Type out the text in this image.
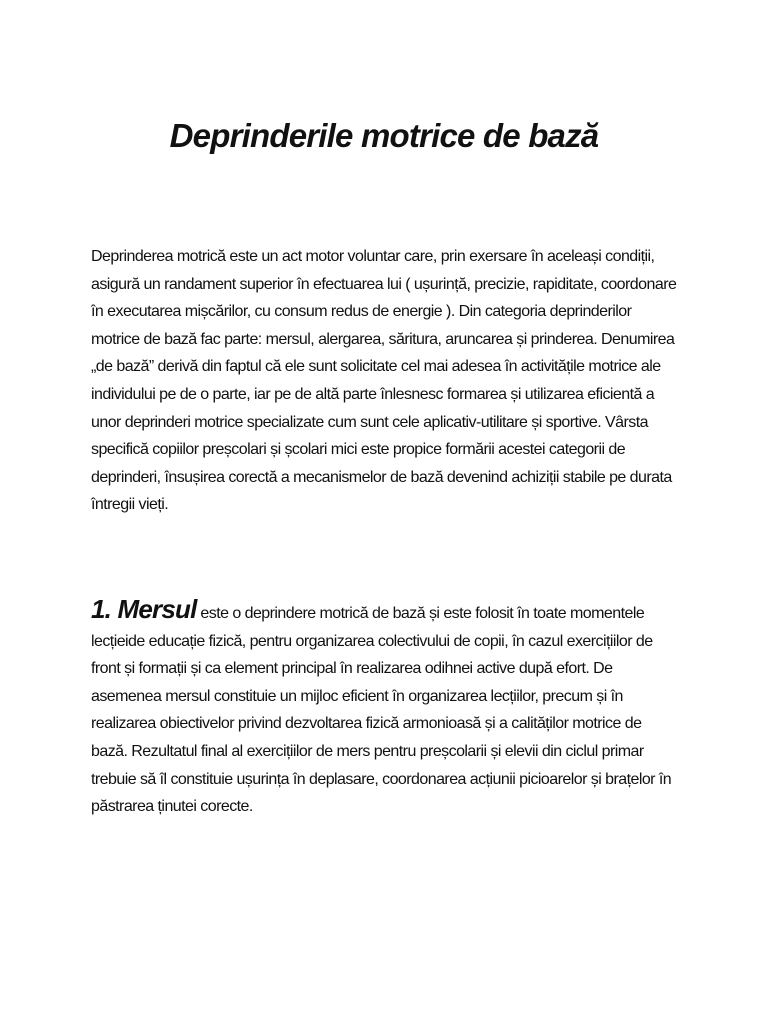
Deprinderile motrice de bază

Deprinderea motrică este un act motor voluntar care, prin exersare în aceleași condiții, asigură un randament superior în efectuarea lui ( ușurință, precizie, rapiditate, coordonare în executarea mișcărilor, cu consum redus de energie ). Din categoria deprinderilor motrice de bază fac parte: mersul, alergarea, săritura, aruncarea și prinderea. Denumirea „de bază” derivă din faptul că ele sunt solicitate cel mai adesea în activitățile motrice ale individului pe de o parte, iar pe de altă parte înlesnesc formarea și utilizarea eficientă a unor deprinderi motrice specializate cum sunt cele aplicativ-utilitare și sportive. Vârsta specifică copiilor preșcolari și școlari mici este propice formării acestei categorii de deprinderi, însușirea corectă a mecanismelor de bază devenind achiziții stabile pe durata întregii vieți.

1. Mersul este o deprindere motrică de bază și este folosit în toate momentele lecțieide educație fizică, pentru organizarea colectivului de copii, în cazul exercițiilor de front și formații și ca element principal în realizarea odihnei active după efort. De asemenea mersul constituie un mijloc eficient în organizarea lecțiilor, precum și în realizarea obiectivelor privind dezvoltarea fizică armonioasă și a calităților motrice de bază. Rezultatul final al exercițiilor de mers pentru preșcolarii și elevii din ciclul primar trebuie să îl constituie ușurința în deplasare, coordonarea acțiunii picioarelor și brațelor în păstrarea ținutei corecte.
